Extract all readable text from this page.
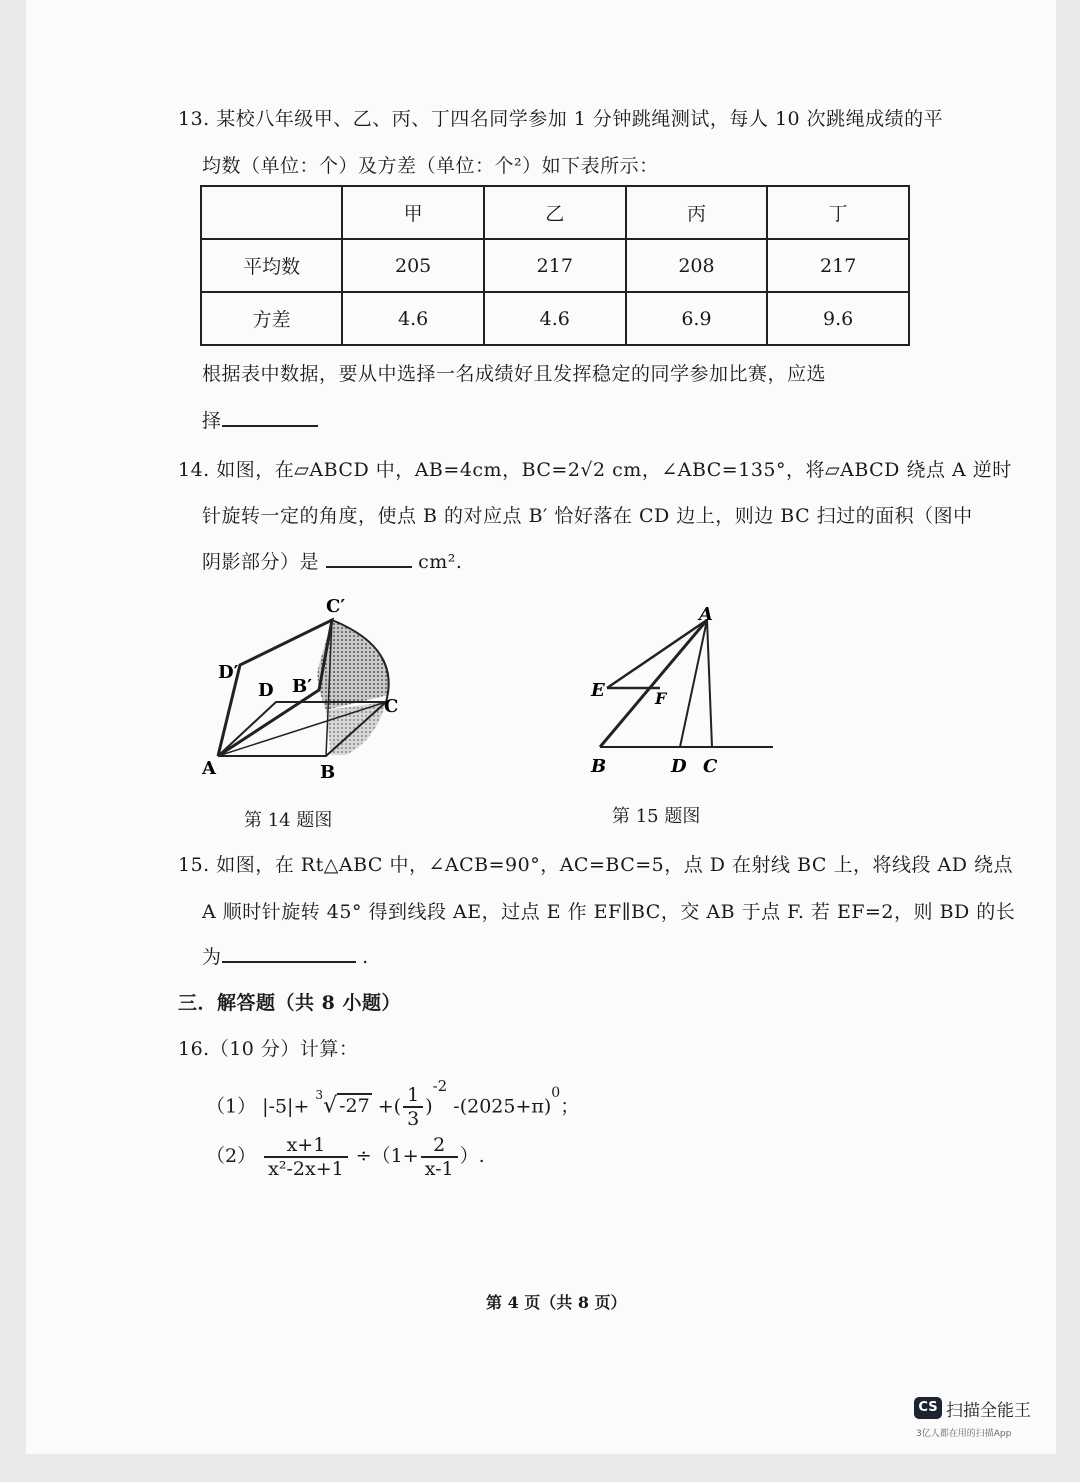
13. 某校八年级甲、乙、丙、丁四名同学参加 1 分钟跳绳测试，每人 10 次跳绳成绩的平
均数（单位：个）及方差（单位：个²）如下表所示：
	甲	乙	丙	丁
平均数	205	217	208	217
方差	4.6	4.6	6.9	9.6
根据表中数据，要从中选择一名成绩好且发挥稳定的同学参加比赛，应选
择
14. 如图，在▱ABCD 中，AB=4cm，BC=2√2 cm，∠ABC=135°，将▱ABCD 绕点 A 逆时
针旋转一定的角度，使点 B 的对应点 B′ 恰好落在 CD 边上，则边 BC 扫过的面积（图中
阴影部分）是	cm².
C′
D′
D B′
C
A	B
第 14 题图
A
E	F
B	D C
第 15 题图
15. 如图，在 Rt△ABC 中，∠ACB=90°，AC=BC=5，点 D 在射线 BC 上，将线段 AD 绕点
A 顺时针旋转 45° 得到线段 AE，过点 E 作 EF∥BC，交 AB 于点 F. 若 EF=2，则 BD 的长
为	.
三．解答题（共 8 小题）
16.（10 分）计算：
（1） |-5|+ $^3$√ -27 +( $\frac{1}{3} )^{-2}$ $-(2025+\pi)^0$；
$(2) \frac{x+1}{\text{x²-2x+1}} \div(1+ \frac{2}{x-1}$ ）.
第 4 页（共 8 页）
CS 扫描全能王
3亿人都在用的扫描App
